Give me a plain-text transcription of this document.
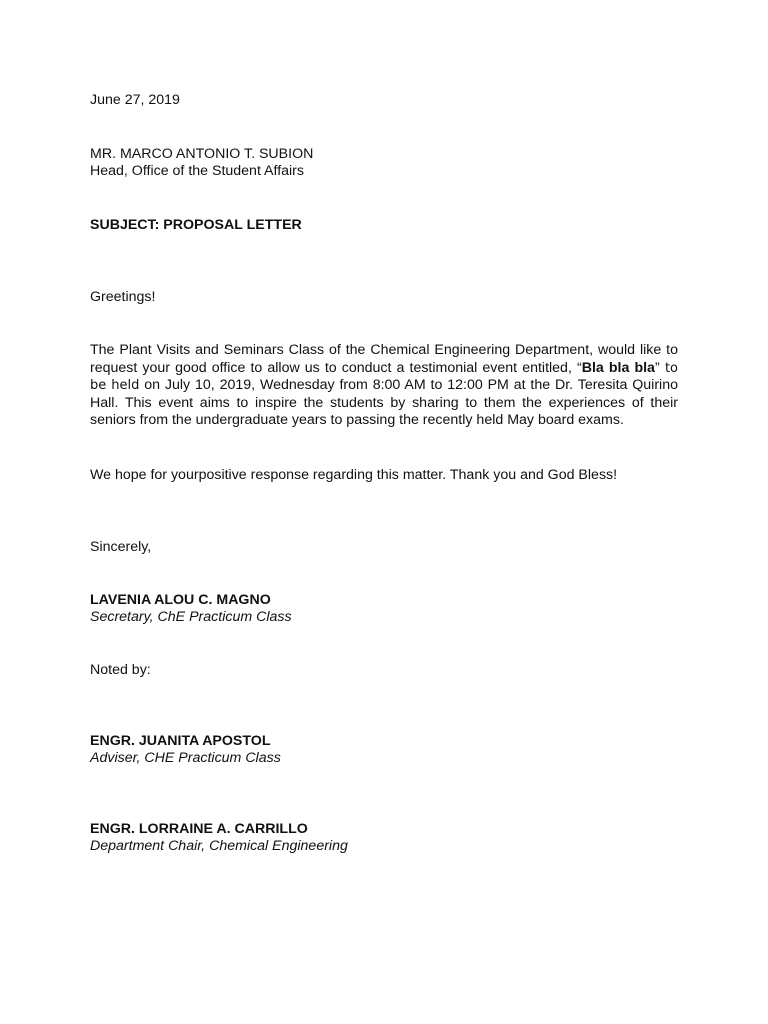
June 27, 2019

MR. MARCO ANTONIO T. SUBION

Head, Office of the Student Affairs

SUBJECT: PROPOSAL LETTER

Greetings!

The Plant Visits and Seminars Class of the Chemical Engineering Department, would like to request your good office to allow us to conduct a testimonial event entitled, “Bla bla bla” to be held on July 10, 2019, Wednesday from 8:00 AM to 12:00 PM at the Dr. Teresita Quirino Hall. This event aims to inspire the students by sharing to them the experiences of their seniors from the undergraduate years to passing the recently held May board exams.

We hope for yourpositive response regarding this matter. Thank you and God Bless!

Sincerely,

LAVENIA ALOU C. MAGNO

Secretary, ChE Practicum Class

Noted by:

ENGR. JUANITA APOSTOL

Adviser, CHE Practicum Class

ENGR. LORRAINE A. CARRILLO

Department Chair, Chemical Engineering
